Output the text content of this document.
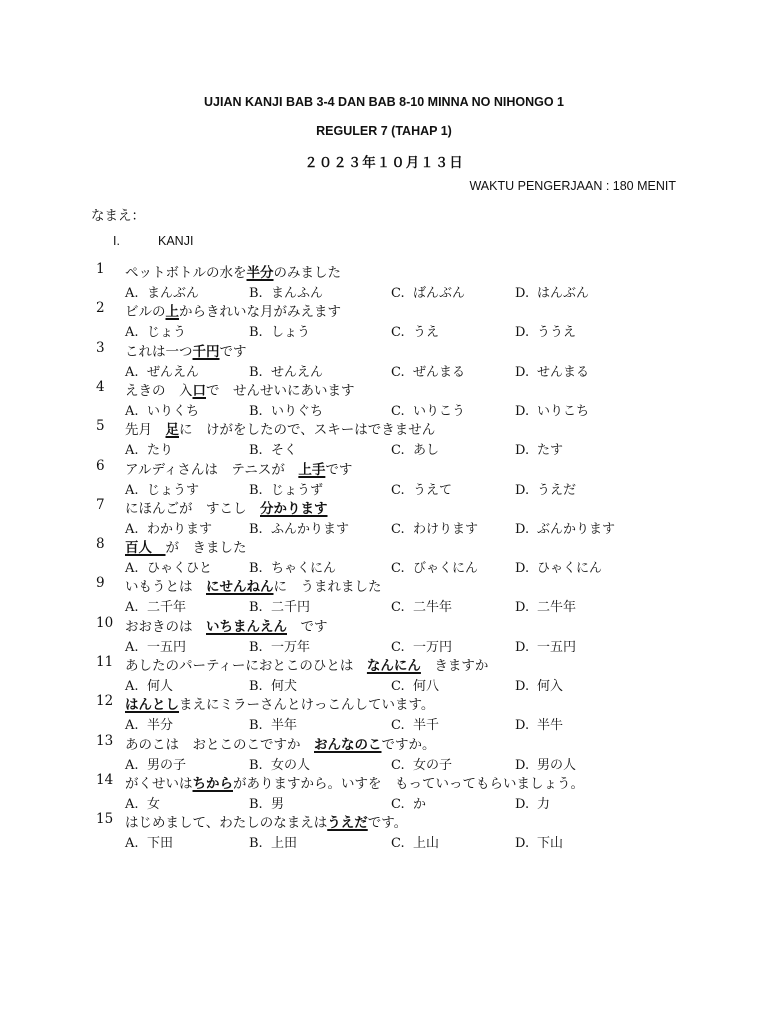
UJIAN KANJI BAB 3-4 DAN BAB 8-10 MINNA NO NIHONGO 1
REGULER 7 (TAHAP 1)
２０２３年１０月１３日
WAKTU PENGERJAAN : 180 MENIT
なまえ：
I.	KANJI
1	ペットボトルの水を半分のみました
A. まんぶん	B. まんふん	C. ばんぶん	D. はんぶん
2	ビルの上からきれいな月がみえます
A. じょう	B. しょう	C. うえ	D. ううえ
3	これは一つ千円です
A. ぜんえん	B. せんえん	C. ぜんまる	D. せんまる
4	えきの　入口で　せんせいにあいます
A. いりくち	B. いりぐち	C. いりこう	D. いりこち
5	先月　足に　けがをしたので、スキーはできません
A. たり	B. そく	C. あし	D. たす
6	アルディさんは　テニスが　上手です
A. じょうす	B. じょうず	C. うえて	D. うえだ
7	にほんごが　すこし　分かります
A. わかります	B. ふんかります	C. わけります	D. ぶんかります
8	百人　が　きました
A. ひゃくひと	B. ちゃくにん	C. びゃくにん	D. ひゃくにん
9	いもうとは　にせんねんに　うまれました
A. 二千年	B. 二千円	C. 二牛年	D. 二牛年
10 おおきのは　いちまんえん　です
A. 一五円	B. 一万年	C. 一万円	D. 一五円
11 あしたのパーティーにおとこのひとは　なんにん　きますか
A. 何人	B. 何犬	C. 何八	D. 何入
12 はんとしまえにミラーさんとけっこんしています。
A. 半分	B. 半年	C. 半千	D. 半牛
13 あのこは　おとこのこですか　おんなのこですか。
A. 男の子	B. 女の人	C. 女の子	D. 男の人
14 がくせいはちからがありますから。いすを　もっていってもらいましょう。
A. 女	B. 男	C. か	D. 力
15 はじめまして、わたしのなまえはうえだです。
A. 下田	B. 上田	C. 上山	D. 下山
